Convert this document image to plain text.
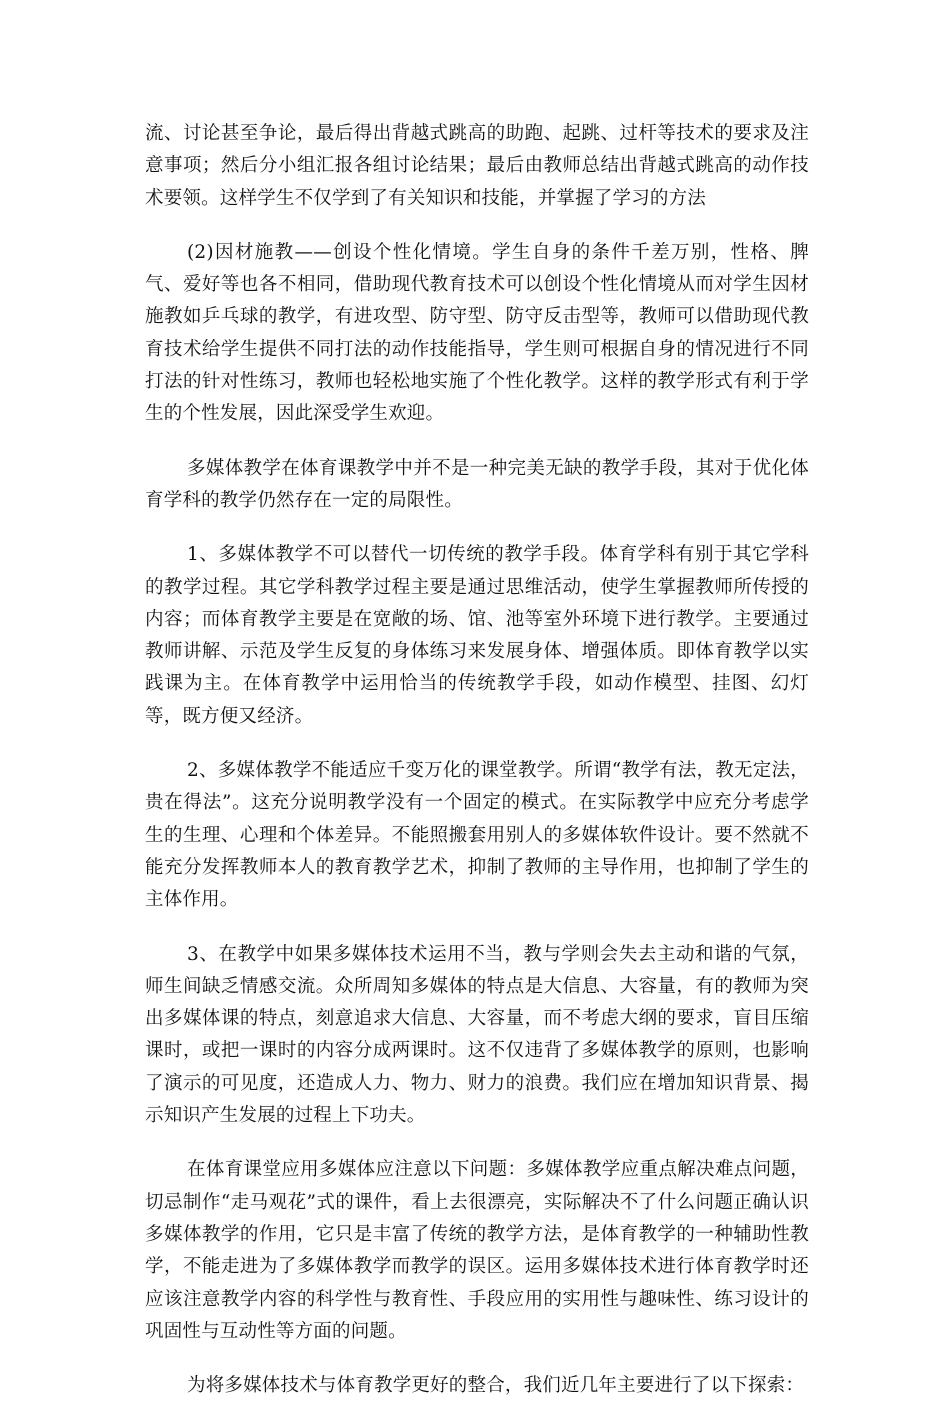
流、讨论甚至争论，最后得出背越式跳高的助跑、起跳、过杆等技术的要求及注意事项；然后分小组汇报各组讨论结果；最后由教师总结出背越式跳高的动作技术要领。这样学生不仅学到了有关知识和技能，并掌握了学习的方法

(2)因材施教——创设个性化情境。学生自身的条件千差万别，性格、脾气、爱好等也各不相同，借助现代教育技术可以创设个性化情境从而对学生因材施教如乒乓球的教学，有进攻型、防守型、防守反击型等，教师可以借助现代教育技术给学生提供不同打法的动作技能指导，学生则可根据自身的情况进行不同打法的针对性练习，教师也轻松地实施了个性化教学。这样的教学形式有利于学生的个性发展，因此深受学生欢迎。

多媒体教学在体育课教学中并不是一种完美无缺的教学手段，其对于优化体育学科的教学仍然存在一定的局限性。

1、多媒体教学不可以替代一切传统的教学手段。体育学科有别于其它学科的教学过程。其它学科教学过程主要是通过思维活动，使学生掌握教师所传授的内容；而体育教学主要是在宽敞的场、馆、池等室外环境下进行教学。主要通过教师讲解、示范及学生反复的身体练习来发展身体、增强体质。即体育教学以实践课为主。在体育教学中运用恰当的传统教学手段，如动作模型、挂图、幻灯等，既方便又经济。

2、多媒体教学不能适应千变万化的课堂教学。所谓“教学有法，教无定法，贵在得法”。这充分说明教学没有一个固定的模式。在实际教学中应充分考虑学生的生理、心理和个体差异。不能照搬套用别人的多媒体软件设计。要不然就不能充分发挥教师本人的教育教学艺术，抑制了教师的主导作用，也抑制了学生的主体作用。

3、在教学中如果多媒体技术运用不当，教与学则会失去主动和谐的气氛，师生间缺乏情感交流。众所周知多媒体的特点是大信息、大容量，有的教师为突出多媒体课的特点，刻意追求大信息、大容量，而不考虑大纲的要求，盲目压缩课时，或把一课时的内容分成两课时。这不仅违背了多媒体教学的原则，也影响了演示的可见度，还造成人力、物力、财力的浪费。我们应在增加知识背景、揭示知识产生发展的过程上下功夫。

在体育课堂应用多媒体应注意以下问题：多媒体教学应重点解决难点问题，切忌制作“走马观花”式的课件，看上去很漂亮，实际解决不了什么问题正确认识多媒体教学的作用，它只是丰富了传统的教学方法，是体育教学的一种辅助性教学，不能走进为了多媒体教学而教学的误区。运用多媒体技术进行体育教学时还应该注意教学内容的科学性与教育性、手段应用的实用性与趣味性、练习设计的巩固性与互动性等方面的问题。

为将多媒体技术与体育教学更好的整合，我们近几年主要进行了以下探索：
